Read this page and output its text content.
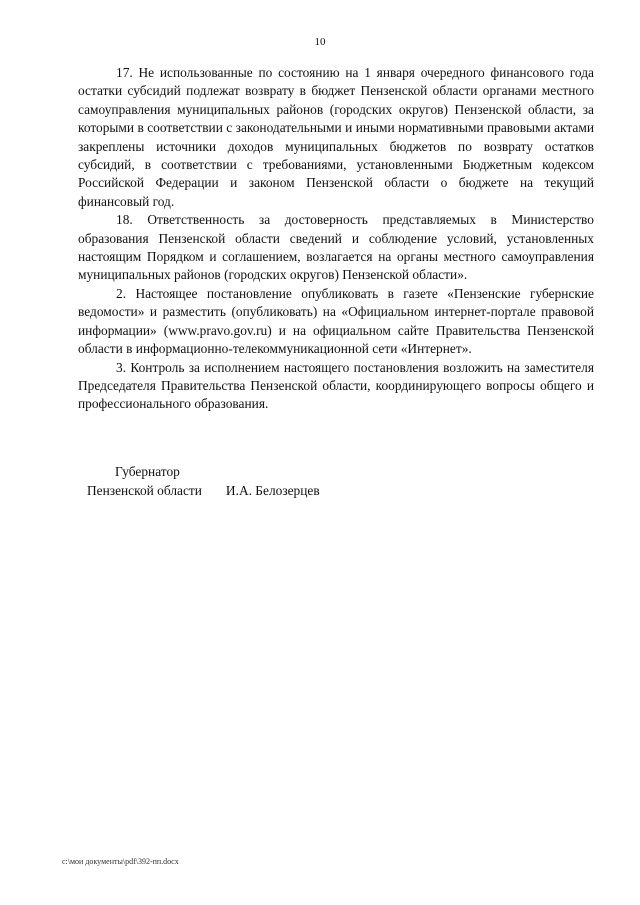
10

17. Не использованные по состоянию на 1 января очередного финансового года остатки субсидий подлежат возврату в бюджет Пензенской области органами местного самоуправления муниципальных районов (городских округов) Пензенской области, за которыми в соответствии с законодательными и иными нормативными правовыми актами закреплены источники доходов муниципальных бюджетов по возврату остатков субсидий, в соответствии с требованиями, установленными Бюджетным кодексом Российской Федерации и законом Пензенской области о бюджете на текущий финансовый год.

18. Ответственность за достоверность представляемых в Министерство образования Пензенской области сведений и соблюдение условий, установленных настоящим Порядком и соглашением, возлагается на органы местного самоуправления муниципальных районов (городских округов) Пензенской области».

2. Настоящее постановление опубликовать в газете «Пензенские губернские ведомости» и разместить (опубликовать) на «Официальном интернет-портале правовой информации» (www.pravo.gov.ru) и на официальном сайте Правительства Пензенской области в информационно-телекоммуникационной сети «Интернет».

3. Контроль за исполнением настоящего постановления возложить на заместителя Председателя Правительства Пензенской области, координирующего вопросы общего и профессионального образования.

Губернатор
Пензенской области И.А. Белозерцев
c:\мои документы\pdf\392-пп.docx
